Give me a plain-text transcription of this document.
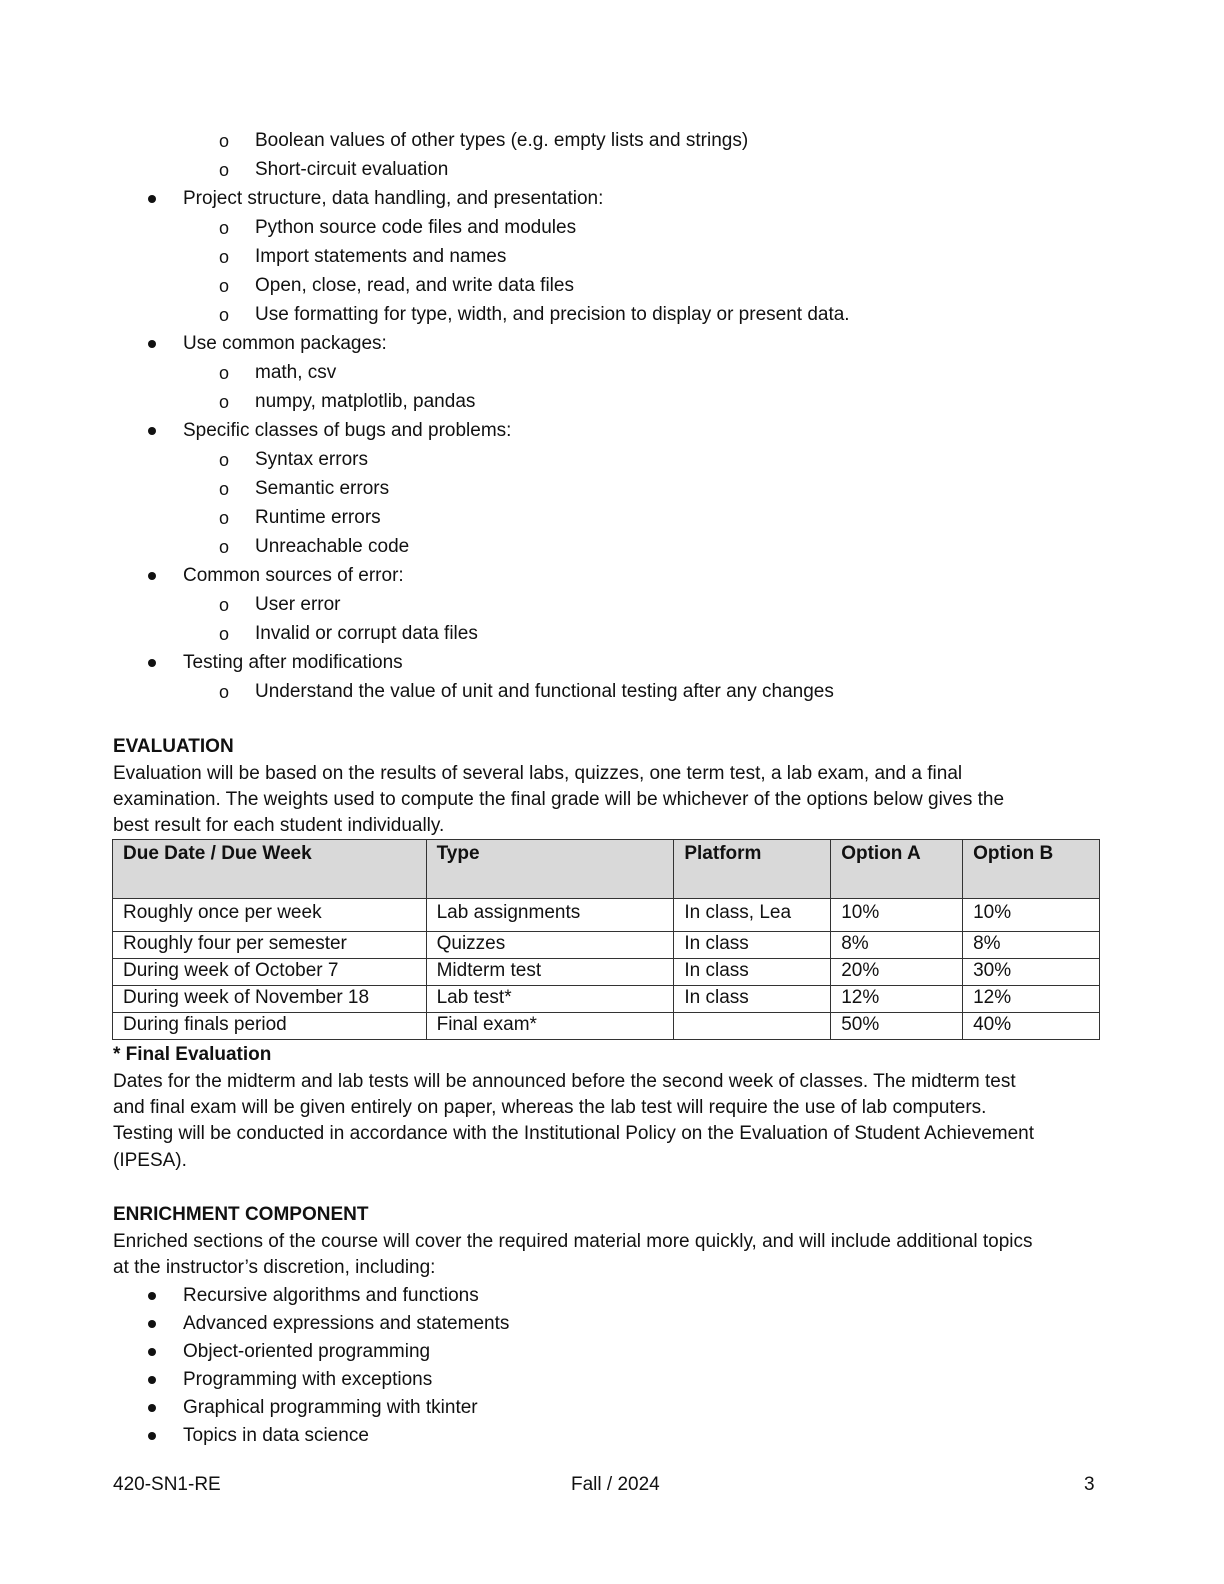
o Boolean values of other types (e.g. empty lists and strings)
o Short-circuit evaluation
Project structure, data handling, and presentation:
o Python source code files and modules
o Import statements and names
o Open, close, read, and write data files
o Use formatting for type, width, and precision to display or present data.
Use common packages:
o math, csv
o numpy, matplotlib, pandas
Specific classes of bugs and problems:
o Syntax errors
o Semantic errors
o Runtime errors
o Unreachable code
Common sources of error:
o User error
o Invalid or corrupt data files
Testing after modifications
o Understand the value of unit and functional testing after any changes
EVALUATION
Evaluation will be based on the results of several labs, quizzes, one term test, a lab exam, and a final
examination. The weights used to compute the final grade will be whichever of the options below gives the
best result for each student individually.
Due Date / Due Week	Type	Platform	Option A	Option B
Roughly once per week	Lab assignments	In class, Lea	10%	10%
Roughly four per semester	Quizzes	In class	8%	8%
During week of October 7	Midterm test	In class	20%	30%
During week of November 18	Lab test*	In class	12%	12%
During finals period	Final exam*		50%	40%
* Final Evaluation
Dates for the midterm and lab tests will be announced before the second week of classes. The midterm test
and final exam will be given entirely on paper, whereas the lab test will require the use of lab computers.
Testing will be conducted in accordance with the Institutional Policy on the Evaluation of Student Achievement
(IPESA).
ENRICHMENT COMPONENT
Enriched sections of the course will cover the required material more quickly, and will include additional topics
at the instructor’s discretion, including:
Recursive algorithms and functions
Advanced expressions and statements
Object-oriented programming
Programming with exceptions
Graphical programming with tkinter
Topics in data science
420-SN1-RE	Fall / 2024	3
